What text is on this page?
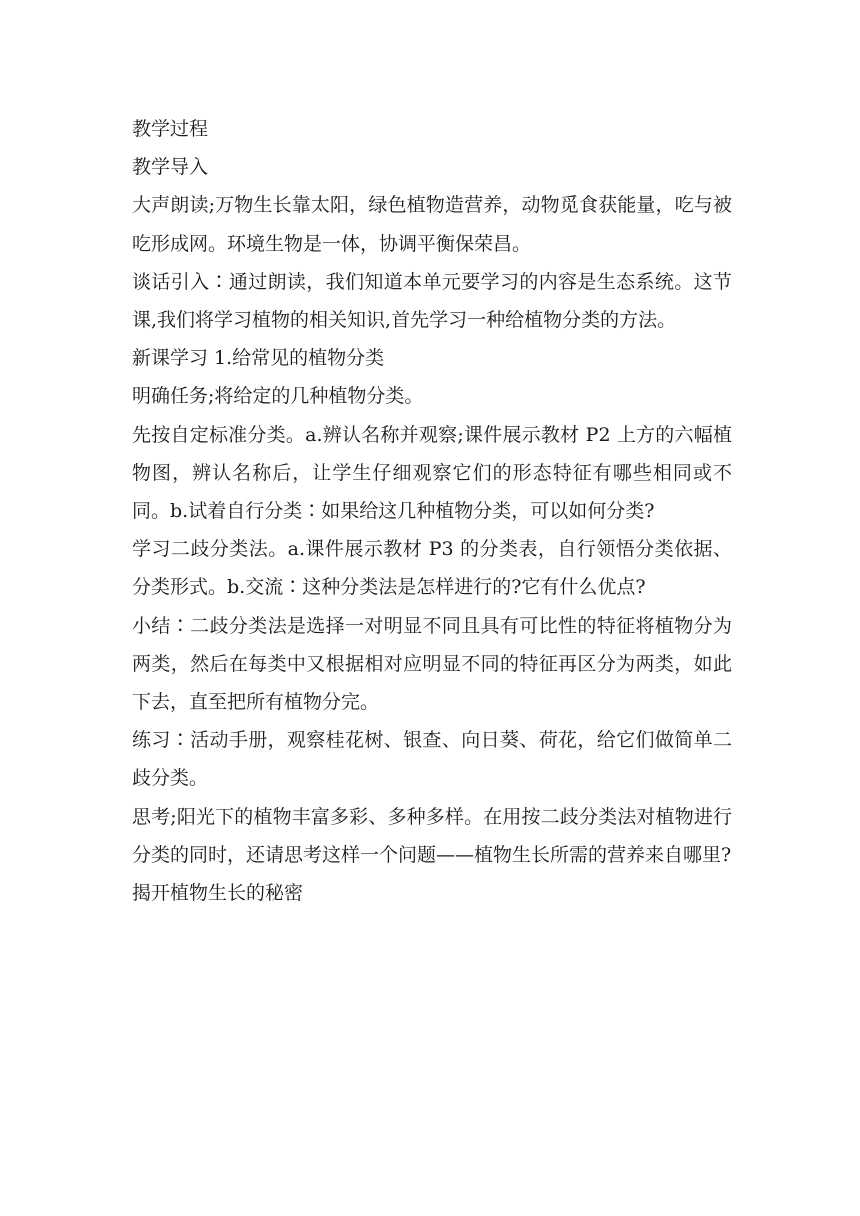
教学过程

教学导入

大声朗读;万物生长靠太阳，绿色植物造营养，动物觅食获能量，吃与被吃形成网。环境生物是一体，协调平衡保荣昌。

谈话引入∶通过朗读，我们知道本单元要学习的内容是生态系统。这节课,我们将学习植物的相关知识,首先学习一种给植物分类的方法。

新课学习 1.给常见的植物分类

明确任务;将给定的几种植物分类。

先按自定标准分类。a.辨认名称并观察;课件展示教材 P2 上方的六幅植物图，辨认名称后，让学生仔细观察它们的形态特征有哪些相同或不同。b.试着自行分类∶如果给这几种植物分类，可以如何分类?

学习二歧分类法。a.课件展示教材 P3 的分类表，自行领悟分类依据、分类形式。b.交流∶这种分类法是怎样进行的?它有什么优点?

小结∶二歧分类法是选择一对明显不同且具有可比性的特征将植物分为两类，然后在每类中又根据相对应明显不同的特征再区分为两类，如此下去，直至把所有植物分完。

练习∶活动手册，观察桂花树、银查、向日葵、荷花，给它们做简单二歧分类。

思考;阳光下的植物丰富多彩、多种多样。在用按二歧分类法对植物进行分类的同时，还请思考这样一个问题——植物生长所需的营养来自哪里?

揭开植物生长的秘密
